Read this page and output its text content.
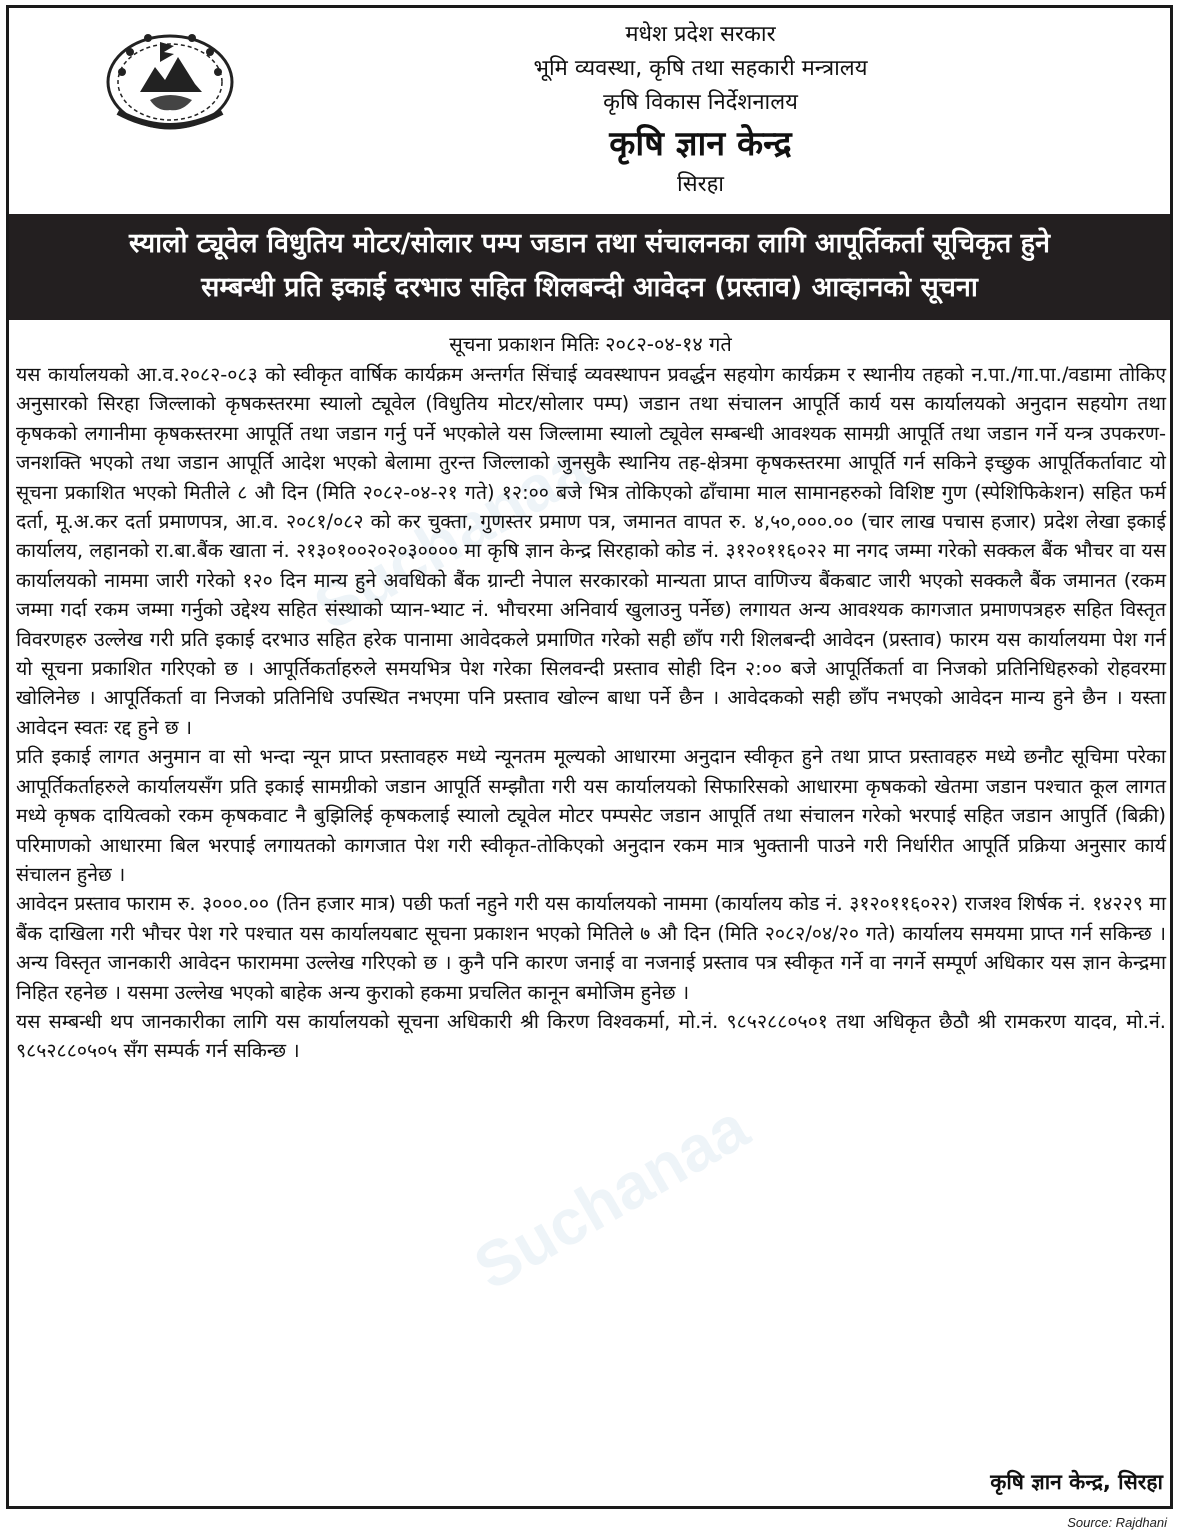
Suchanaa
Suchanaa
मधेश प्रदेश सरकार
भूमि व्यवस्था, कृषि तथा सहकारी मन्त्रालय
कृषि विकास निर्देशनालय
कृषि ज्ञान केन्द्र
सिरहा
स्यालो ट्यूवेल विधुतिय मोटर/सोलार पम्प जडान तथा संचालनका लागि आपूर्तिकर्ता सूचिकृत हुने
सम्बन्धी प्रति इकाई दरभाउ सहित शिलबन्दी आवेदन (प्रस्ताव) आव्हानको सूचना
सूचना प्रकाशन मितिः २०८२-०४-१४ गते

यस कार्यालयको आ.व.२०८२-०८३ को स्वीकृत वार्षिक कार्यक्रम अन्तर्गत सिंचाई व्यवस्थापन प्रवर्द्धन सहयोग कार्यक्रम र स्थानीय तहको न.पा./गा.पा./वडामा तोकिए अनुसारको सिरहा जिल्लाको कृषकस्तरमा स्यालो ट्यूवेल (विधुतिय मोटर/सोलार पम्प) जडान तथा संचालन आपूर्ति कार्य यस कार्यालयको अनुदान सहयोग तथा कृषकको लगानीमा कृषकस्तरमा आपूर्ति तथा जडान गर्नु पर्ने भएकोले यस जिल्लामा स्यालो ट्यूवेल सम्बन्धी आवश्यक सामग्री आपूर्ति तथा जडान गर्ने यन्त्र उपकरण-जनशक्ति भएको तथा जडान आपूर्ति आदेश भएको बेलामा तुरन्त जिल्लाको जुनसुकै स्थानिय तह-क्षेत्रमा कृषकस्तरमा आपूर्ति गर्न सकिने इच्छुक आपूर्तिकर्तावाट यो सूचना प्रकाशित भएको मितीले ८ औ दिन (मिति २०८२-०४-२१ गते) १२:०० बजे भित्र तोकिएको ढाँचामा माल सामानहरुको विशिष्ट गुण (स्पेशिफिकेशन) सहित फर्म दर्ता, मू.अ.कर दर्ता प्रमाणपत्र, आ.व. २०८१/०८२ को कर चुक्ता, गुणस्तर प्रमाण पत्र, जमानत वापत रु. ४,५०,०००.०० (चार लाख पचास हजार) प्रदेश लेखा इकाई कार्यालय, लहानको रा.बा.बैंक खाता नं. २१३०१००२०२०३०००० मा कृषि ज्ञान केन्द्र सिरहाको कोड नं. ३१२०११६०२२ मा नगद जम्मा गरेको सक्कल बैंक भौचर वा यस कार्यालयको नाममा जारी गरेको १२० दिन मान्य हुने अवधिको बैंक ग्रान्टी नेपाल सरकारको मान्यता प्राप्त वाणिज्य बैंकबाट जारी भएको सक्कलै बैंक जमानत (रकम जम्मा गर्दा रकम जम्मा गर्नुको उद्देश्य सहित संस्थाको प्यान-भ्याट नं. भौचरमा अनिवार्य खुलाउनु पर्नेछ) लगायत अन्य आवश्यक कागजात प्रमाणपत्रहरु सहित विस्तृत विवरणहरु उल्लेख गरी प्रति इकाई दरभाउ सहित हरेक पानामा आवेदकले प्रमाणित गरेको सही छाँप गरी शिलबन्दी आवेदन (प्रस्ताव) फारम यस कार्यालयमा पेश गर्न यो सूचना प्रकाशित गरिएको छ । आपूर्तिकर्ताहरुले समयभित्र पेश गरेका सिलवन्दी प्रस्ताव सोही दिन २:०० बजे आपूर्तिकर्ता वा निजको प्रतिनिधिहरुको रोहवरमा खोलिनेछ । आपूर्तिकर्ता वा निजको प्रतिनिधि उपस्थित नभएमा पनि प्रस्ताव खोल्न बाधा पर्ने छैन । आवेदकको सही छाँप नभएको आवेदन मान्य हुने छैन । यस्ता आवेदन स्वतः रद्द हुने छ ।

प्रति इकाई लागत अनुमान वा सो भन्दा न्यून प्राप्त प्रस्तावहरु मध्ये न्यूनतम मूल्यको आधारमा अनुदान स्वीकृत हुने तथा प्राप्त प्रस्तावहरु मध्ये छनौट सूचिमा परेका आपूर्तिकर्ताहरुले कार्यालयसँग प्रति इकाई सामग्रीको जडान आपूर्ति सम्झौता गरी यस कार्यालयको सिफारिसको आधारमा कृषकको खेतमा जडान पश्चात कूल लागत मध्ये कृषक दायित्वको रकम कृषकवाट नै बुझिलिई कृषकलाई स्यालो ट्यूवेल मोटर पम्पसेट जडान आपूर्ति तथा संचालन गरेको भरपाई सहित जडान आपुर्ति (बिक्री) परिमाणको आधारमा बिल भरपाई लगायतको कागजात पेश गरी स्वीकृत-तोकिएको अनुदान रकम मात्र भुक्तानी पाउने गरी निर्धारीत आपूर्ति प्रक्रिया अनुसार कार्य संचालन हुनेछ ।

आवेदन प्रस्ताव फाराम रु. ३०००.०० (तिन हजार मात्र) पछी फर्ता नहुने गरी यस कार्यालयको नाममा (कार्यालय कोड नं. ३१२०११६०२२) राजश्व शिर्षक नं. १४२२९ मा बैंक दाखिला गरी भौचर पेश गरे पश्चात यस कार्यालयबाट सूचना प्रकाशन भएको मितिले ७ औ दिन (मिति २०८२/०४/२० गते) कार्यालय समयमा प्राप्त गर्न सकिन्छ । अन्य विस्तृत जानकारी आवेदन फाराममा उल्लेख गरिएको छ । कुनै पनि कारण जनाई वा नजनाई प्रस्ताव पत्र स्वीकृत गर्ने वा नगर्ने सम्पूर्ण अधिकार यस ज्ञान केन्द्रमा निहित रहनेछ । यसमा उल्लेख भएको बाहेक अन्य कुराको हकमा प्रचलित कानून बमोजिम हुनेछ ।

यस सम्बन्धी थप जानकारीका लागि यस कार्यालयको सूचना अधिकारी श्री किरण विश्वकर्मा, मो.नं. ९८५२८८०५०१ तथा अधिकृत छैठौ श्री रामकरण यादव, मो.नं. ९८५२८८०५०५ सँग सम्पर्क गर्न सकिन्छ ।

कृषि ज्ञान केन्द्र, सिरहा
Source: Rajdhani
